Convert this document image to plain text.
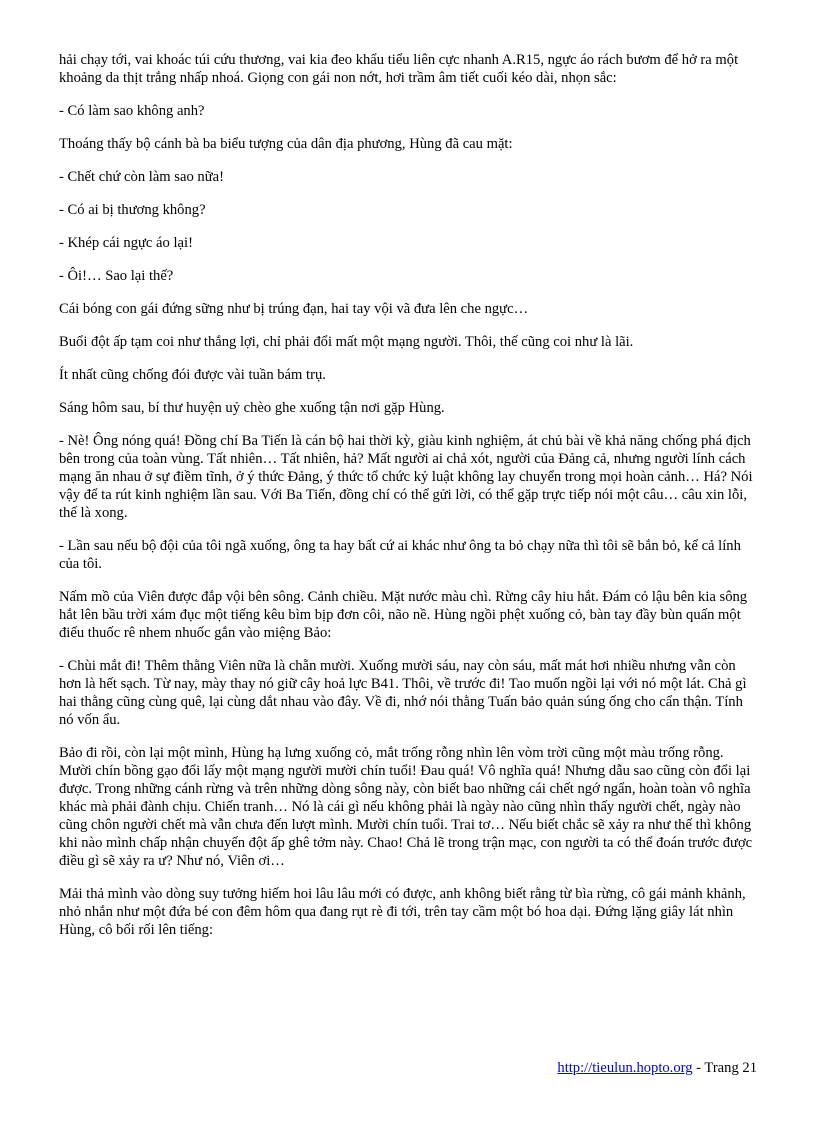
hải chạy tới, vai khoác túi cứu thương, vai kia đeo khẩu tiểu liên cực nhanh A.R15, ngực áo rách bươm để hở ra một khoảng da thịt trắng nhấp nhoá. Giọng con gái non nớt, hơi trầm âm tiết cuối kéo dài, nhọn sắc:

- Có làm sao không anh?

Thoáng thấy bộ cánh bà ba biểu tượng của dân địa phương, Hùng đã cau mặt:

- Chết chứ còn làm sao nữa!

- Có ai bị thương không?

- Khép cái ngực áo lại!

- Ôi!… Sao lại thế?

Cái bóng con gái đứng sững như bị trúng đạn, hai tay vội vã đưa lên che ngực…

Buổi đột ấp tạm coi như thắng lợi, chỉ phải đổi mất một mạng người. Thôi, thế cũng coi như là lãi.

Ít nhất cũng chống đói được vài tuần bám trụ.

Sáng hôm sau, bí thư huyện uỷ chèo ghe xuống tận nơi gặp Hùng.

- Nè! Ông nóng quá! Đồng chí Ba Tiến là cán bộ hai thời kỳ, giàu kinh nghiệm, át chủ bài về khả năng chống phá địch bên trong của toàn vùng. Tất nhiên… Tất nhiên, hả? Mất người ai chả xót, người của Đảng cả, nhưng người lính cách mạng ăn nhau ở sự điềm tĩnh, ở ý thức Đảng, ý thức tổ chức kỷ luật không lay chuyển trong mọi hoàn cảnh… Há? Nói vậy để ta rút kinh nghiệm lần sau. Với Ba Tiến, đồng chí có thể gửi lời, có thể gặp trực tiếp nói một câu… câu xin lỗi, thế là xong.

- Lần sau nếu bộ đội của tôi ngã xuống, ông ta hay bất cứ ai khác như ông ta bỏ chạy nữa thì tôi sẽ bắn bỏ, kể cả lính của tôi.

Nấm mồ của Viên được đắp vội bên sông. Cảnh chiều. Mặt nước màu chì. Rừng cây hiu hắt. Đám cỏ lậu bên kia sông hắt lên bầu trời xám đục một tiếng kêu bìm bịp đơn côi, não nề. Hùng ngồi phệt xuống cỏ, bàn tay đầy bùn quấn một điếu thuốc rê nhem nhuốc gắn vào miệng Bảo:

- Chùi mắt đi! Thêm thằng Viên nữa là chẵn mười. Xuống mười sáu, nay còn sáu, mất mát hơi nhiều nhưng vẫn còn hơn là hết sạch. Từ nay, mày thay nó giữ cây hoả lực B41. Thôi, về trước đi! Tao muốn ngồi lại với nó một lát. Chả gì hai thằng cũng cùng quê, lại cùng dắt nhau vào đây. Về đi, nhớ nói thằng Tuấn bảo quản súng ống cho cẩn thận. Tính nó vốn ẩu.

Bảo đi rồi, còn lại một mình, Hùng hạ lưng xuống cỏ, mắt trống rỗng nhìn lên vòm trời cũng một màu trống rỗng. Mười chín bồng gạo đổi lấy một mạng người mười chín tuổi! Đau quá! Vô nghĩa quá! Nhưng dẫu sao cũng còn đổi lại được. Trong những cánh rừng và trên những dòng sông này, còn biết bao những cái chết ngớ ngẩn, hoàn toàn vô nghĩa khác mà phải đành chịu. Chiến tranh… Nó là cái gì nếu không phải là ngày nào cũng nhìn thấy người chết, ngày nào cũng chôn người chết mà vẫn chưa đến lượt mình. Mười chín tuổi. Trai tơ… Nếu biết chắc sẽ xảy ra như thế thì không khi nào mình chấp nhận chuyến đột ấp ghê tởm này. Chao! Chả lẽ trong trận mạc, con người ta có thể đoán trước được điều gì sẽ xảy ra ư? Như nó, Viên ơi…

Mải thả mình vào dòng suy tưởng hiếm hoi lâu lâu mới có được, anh không biết rằng từ bìa rừng, cô gái mảnh khảnh, nhỏ nhắn như một đứa bé con đêm hôm qua đang rụt rè đi tới, trên tay cầm một bó hoa dại. Đứng lặng giây lát nhìn Hùng, cô bối rối lên tiếng:

http://tieulun.hopto.org - Trang 21
